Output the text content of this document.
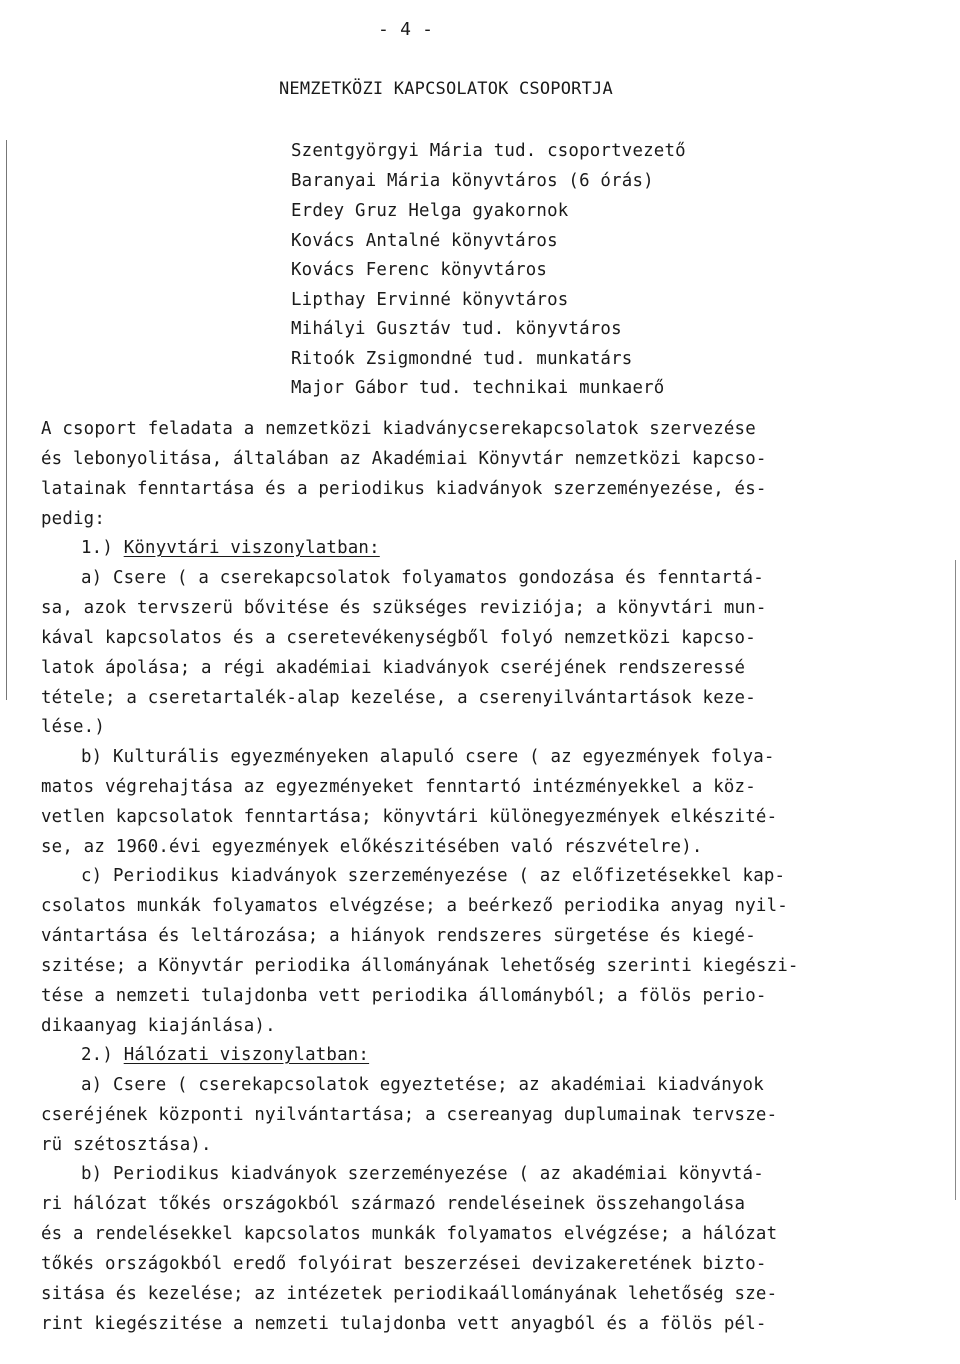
- 4 -
NEMZETKÖZI KAPCSOLATOK CSOPORTJA
Szentgyörgyi Mária tud. csoportvezető
Baranyai Mária könyvtáros (6 órás)
Erdey Gruz Helga gyakornok
Kovács Antalné könyvtáros
Kovács Ferenc könyvtáros
Lipthay Ervinné könyvtáros
Mihályi Gusztáv tud. könyvtáros
Ritoók Zsigmondné tud. munkatárs
Major Gábor tud. technikai munkaerő
A csoport feladata a nemzetközi kiadványcserekapcsolatok szervezése
és lebonyolitása, általában az Akadémiai Könyvtár nemzetközi kapcso-
latainak fenntartása és a periodikus kiadványok szerzeményezése, és-
pedig:
1.) Könyvtári viszonylatban:
a) Csere ( a cserekapcsolatok folyamatos gondozása és fenntartá-
sa, azok tervszerü bővitése és szükséges reviziója; a könyvtári mun-
kával kapcsolatos és a cseretevékenységből folyó nemzetközi kapcso-
latok ápolása; a régi akadémiai kiadványok cseréjének rendszeressé
tétele; a cseretartalék-alap kezelése, a cserenyilvántartások keze-
lése.)
b) Kulturális egyezményeken alapuló csere ( az egyezmények folya-
matos végrehajtása az egyezményeket fenntartó intézményekkel a köz-
vetlen kapcsolatok fenntartása; könyvtári különegyezmények elkészité-
se, az 1960.évi egyezmények előkészitésében való részvételre).
c) Periodikus kiadványok szerzeményezése ( az előfizetésekkel kap-
csolatos munkák folyamatos elvégzése; a beérkező periodika anyag nyil-
vántartása és leltározása; a hiányok rendszeres sürgetése és kiegé-
szitése; a Könyvtár periodika állományának lehetőség szerinti kiegészi-
tése a nemzeti tulajdonba vett periodika állományból; a fölös perio-
dikaanyag kiajánlása).
2.) Hálózati viszonylatban:
a) Csere ( cserekapcsolatok egyeztetése; az akadémiai kiadványok
cseréjének központi nyilvántartása; a csereanyag duplumainak tervsze-
rü szétosztása).
b) Periodikus kiadványok szerzeményezése ( az akadémiai könyvtá-
ri hálózat tőkés országokból származó rendeléseinek összehangolása
és a rendelésekkel kapcsolatos munkák folyamatos elvégzése; a hálózat
tőkés országokból eredő folyóirat beszerzései devizakeretének bizto-
sitása és kezelése; az intézetek periodikaállományának lehetőség sze-
rint kiegészitése a nemzeti tulajdonba vett anyagból és a fölös pél-
